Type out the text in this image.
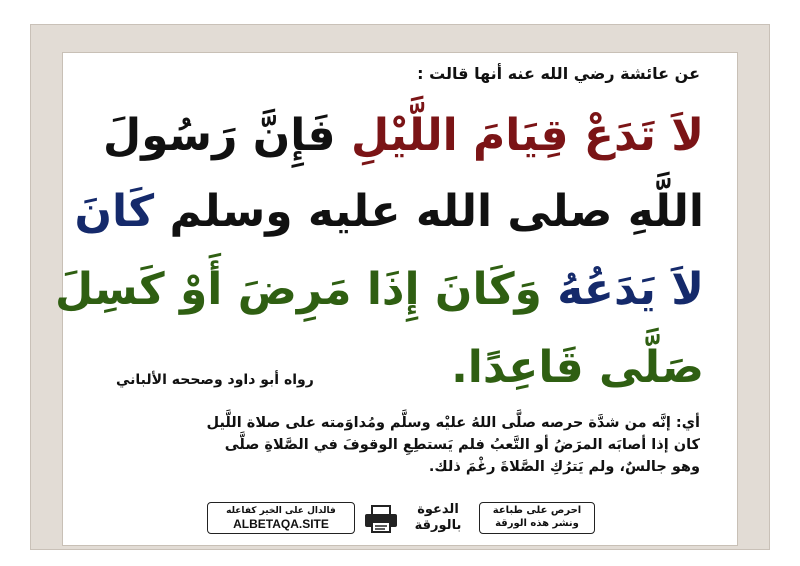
عن عائشة رضي الله عنه أنها قالت :
لاَ تَدَعْ قِيَامَ اللَّيْلِ فَإِنَّ رَسُولَ
اللَّهِ صلى الله عليه وسلم كَانَ
لاَ يَدَعُهُ وَكَانَ إِذَا مَرِضَ أَوْ كَسِلَ
صَلَّى قَاعِدًا.
رواه أبو داود وصححه الألباني
أي: إنَّه من شدَّة حرصه صلَّى اللهُ عليْه وسلَّم ومُداوَمته على صلاة اللَّيل
كان إذا أصابَه المرَضُ أو التَّعبُ فلم يَستطِعِ الوقوفَ في الصَّلاةِ صلَّى
وهو جالسٌ، ولم يَترُكِ الصَّلاةَ رغْمَ ذلك.
فالدال على الخير كفاعله
ALBETAQA.SITE
الدعوة بالورقة
احرص على طباعة
ونشر هذه الورقة
